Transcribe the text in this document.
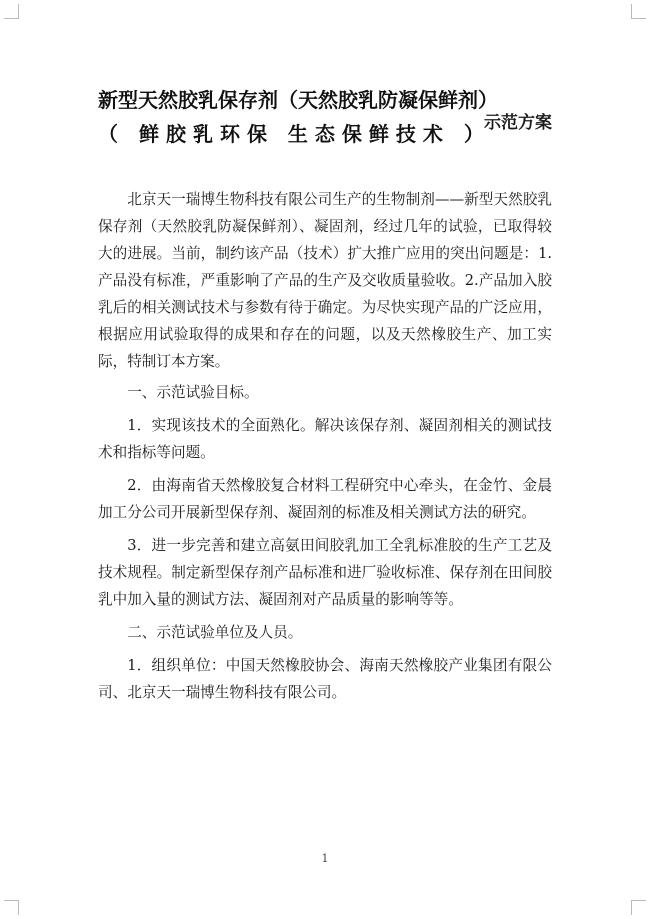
新型天然胶乳保存剂（天然胶乳防凝保鲜剂）
（ 鲜胶乳环保 生态保鲜技术 ）
示范方案

北京天一瑞博生物科技有限公司生产的生物制剂——新型天然胶乳保存剂（天然胶乳防凝保鲜剂）、凝固剂，经过几年的试验，已取得较大的进展。当前，制约该产品（技术）扩大推广应用的突出问题是：1.产品没有标准，严重影响了产品的生产及交收质量验收。2.产品加入胶乳后的相关测试技术与参数有待于确定。为尽快实现产品的广泛应用，根据应用试验取得的成果和存在的问题，以及天然橡胶生产、加工实际，特制订本方案。

一、示范试验目标。

1．实现该技术的全面熟化。解决该保存剂、凝固剂相关的测试技术和指标等问题。

2．由海南省天然橡胶复合材料工程研究中心牵头，在金竹、金晨加工分公司开展新型保存剂、凝固剂的标准及相关测试方法的研究。

3．进一步完善和建立高氨田间胶乳加工全乳标准胶的生产工艺及技术规程。制定新型保存剂产品标准和进厂验收标准、保存剂在田间胶乳中加入量的测试方法、凝固剂对产品质量的影响等等。

二、示范试验单位及人员。

1．组织单位：中国天然橡胶协会、海南天然橡胶产业集团有限公司、北京天一瑞博生物科技有限公司。

1
